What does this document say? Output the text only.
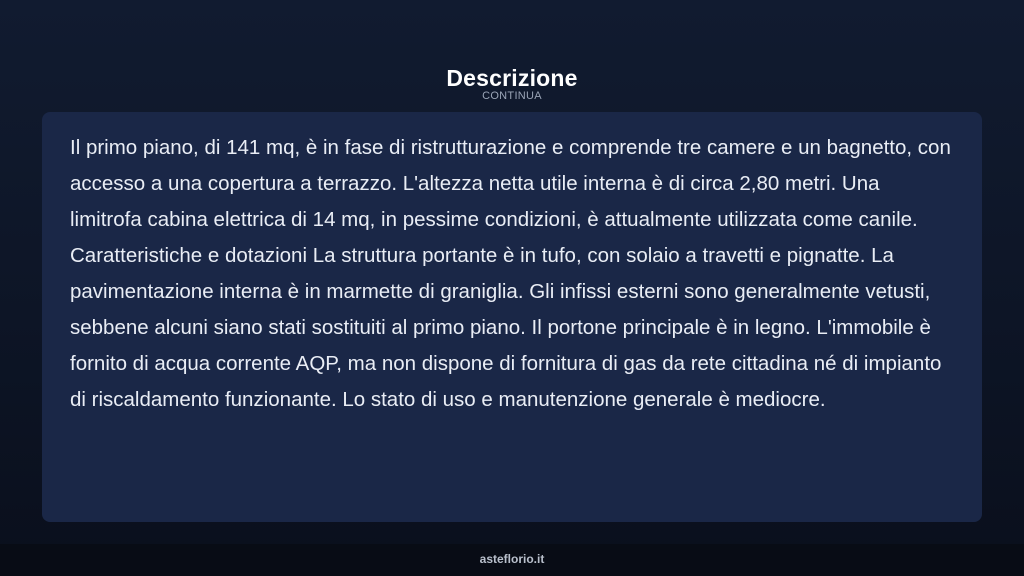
Descrizione
CONTINUA

Il primo piano, di 141 mq, è in fase di ristrutturazione e comprende tre camere e un bagnetto, con accesso a una copertura a terrazzo. L'altezza netta utile interna è di circa 2,80 metri. Una limitrofa cabina elettrica di 14 mq, in pessime condizioni, è attualmente utilizzata come canile. Caratteristiche e dotazioni La struttura portante è in tufo, con solaio a travetti e pignatte. La pavimentazione interna è in marmette di graniglia. Gli infissi esterni sono generalmente vetusti, sebbene alcuni siano stati sostituiti al primo piano. Il portone principale è in legno. L'immobile è fornito di acqua corrente AQP, ma non dispone di fornitura di gas da rete cittadina né di impianto di riscaldamento funzionante. Lo stato di uso e manutenzione generale è mediocre.

asteflorio.it
